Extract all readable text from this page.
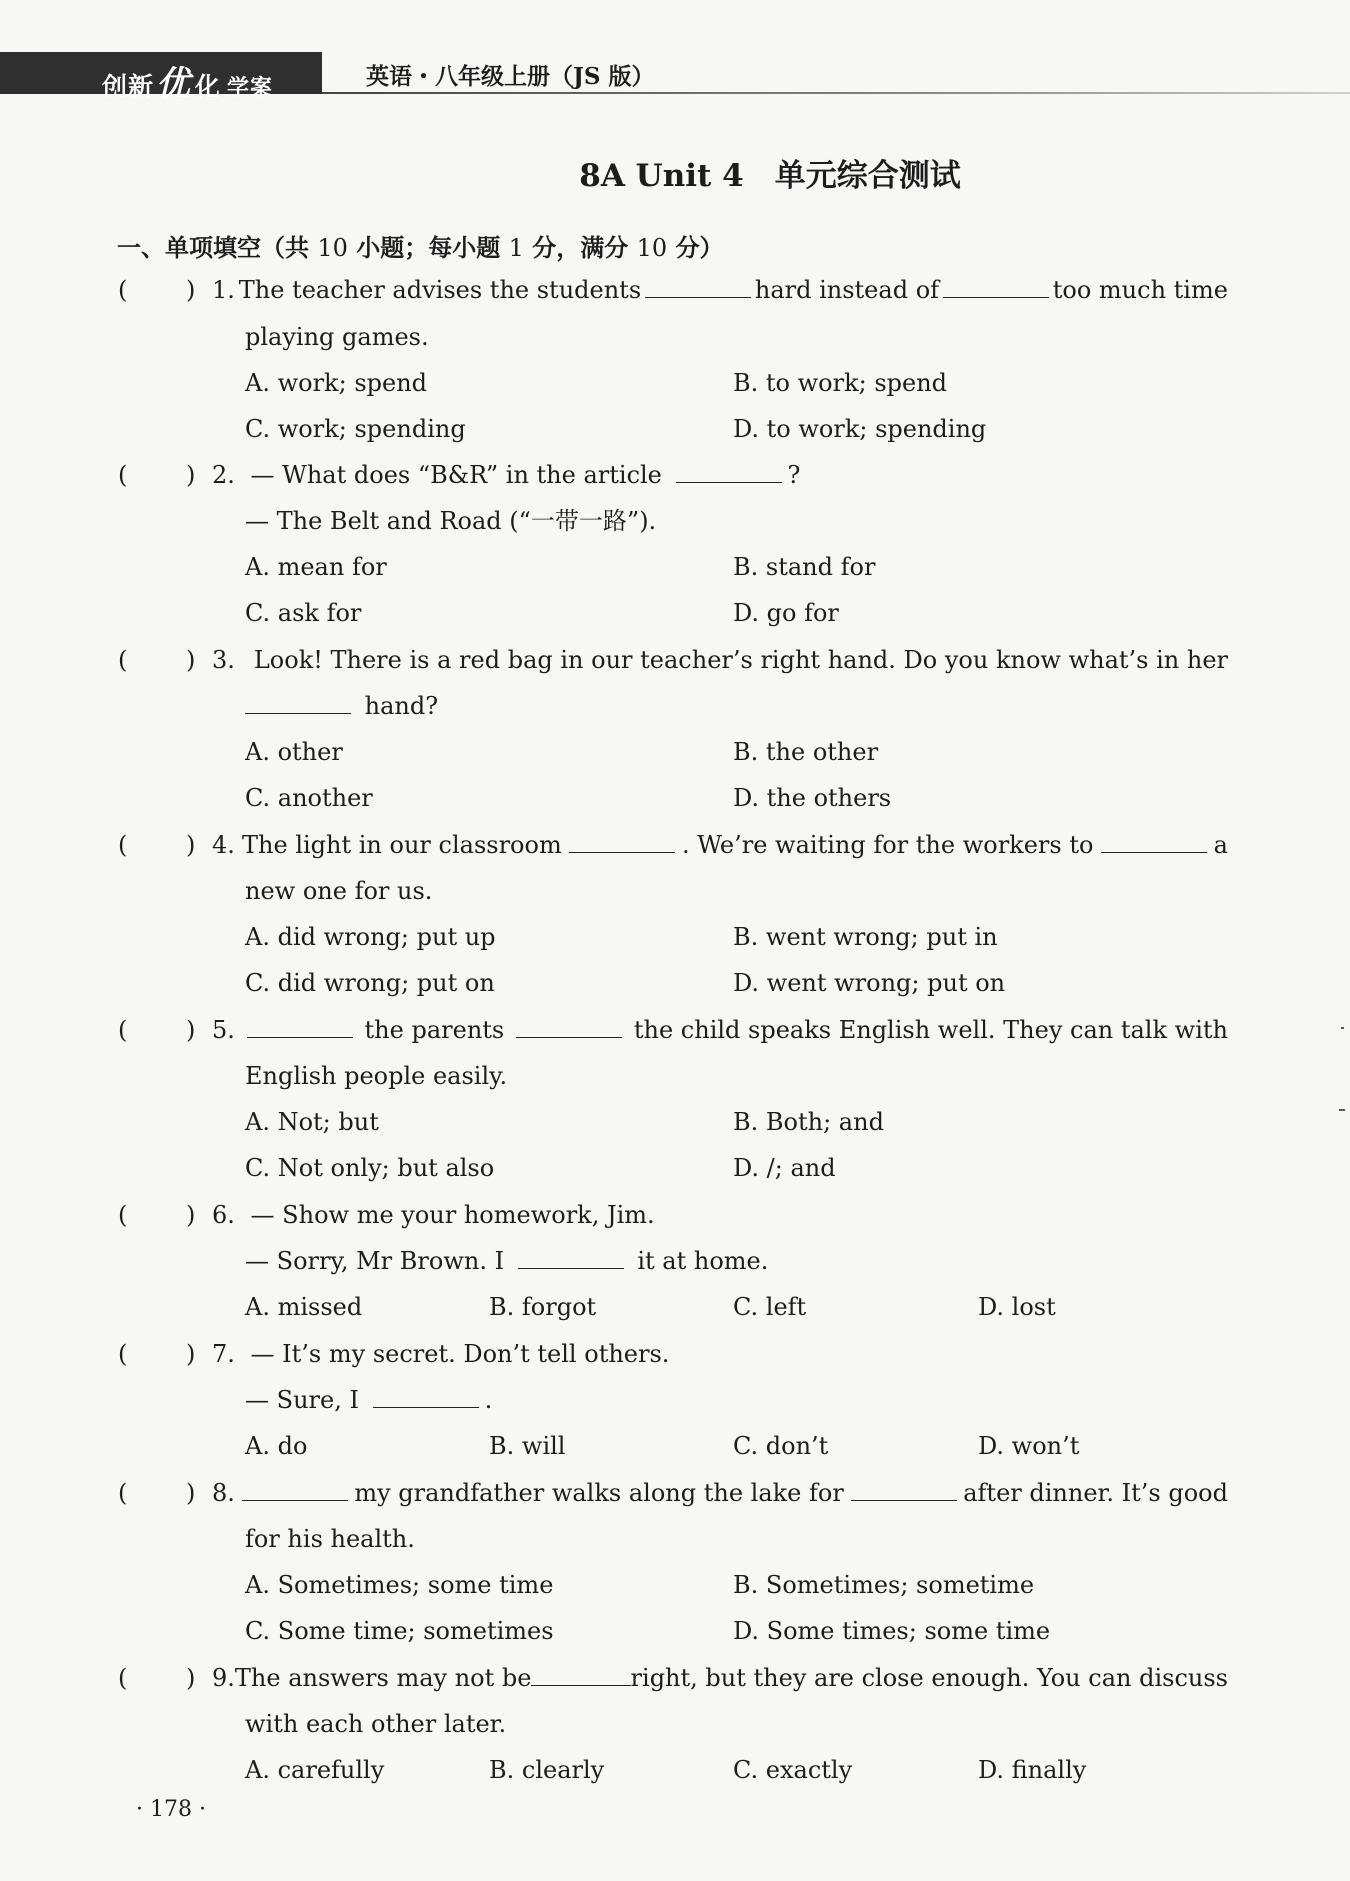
创新 优 化 学案	英语・八年级上册（JS 版）
8A Unit 4　单元综合测试
一、单项填空（共 10 小题；每小题 1 分，满分 10 分）
( ) 1. The teacher advises the students	hard instead of	too much time
playing games.
A. work; spend	B. to work; spend
C. work; spending	D. to work; spending
( ) 2. — What does “B&R” in the article	?
— The Belt and Road (“一带一路”).
A. mean for	B. stand for
C. ask for	D. go for
( ) 3. Look! There is a red bag in our teacher’s right hand. Do you know what’s in her
hand?
A. other	B. the other
C. another	D. the others
( ) 4. The light in our classroom	. We’re waiting for the workers to	a
new one for us.
A. did wrong; put up	B. went wrong; put in
C. did wrong; put on	D. went wrong; put on
( ) 5.	the parents	the child speaks English well. They can talk with
English people easily.
A. Not; but	B. Both; and
C. Not only; but also	D. /; and
( ) 6. — Show me your homework, Jim.
— Sorry, Mr Brown. I	it at home.
A. missed	B. forgot	C. left	D. lost
( ) 7. — It’s my secret. Don’t tell others.
— Sure, I	.
A. do	B. will	C. don’t	D. won’t
( ) 8.	my grandfather walks along the lake for	after dinner. It’s good
for his health.
A. Sometimes; some time	B. Sometimes; sometime
C. Some time; sometimes	D. Some times; some time
( ) 9. The answers may not be	right, but they are close enough. You can discuss
with each other later.
A. carefully	B. clearly	C. exactly	D. finally
· 178 ·
